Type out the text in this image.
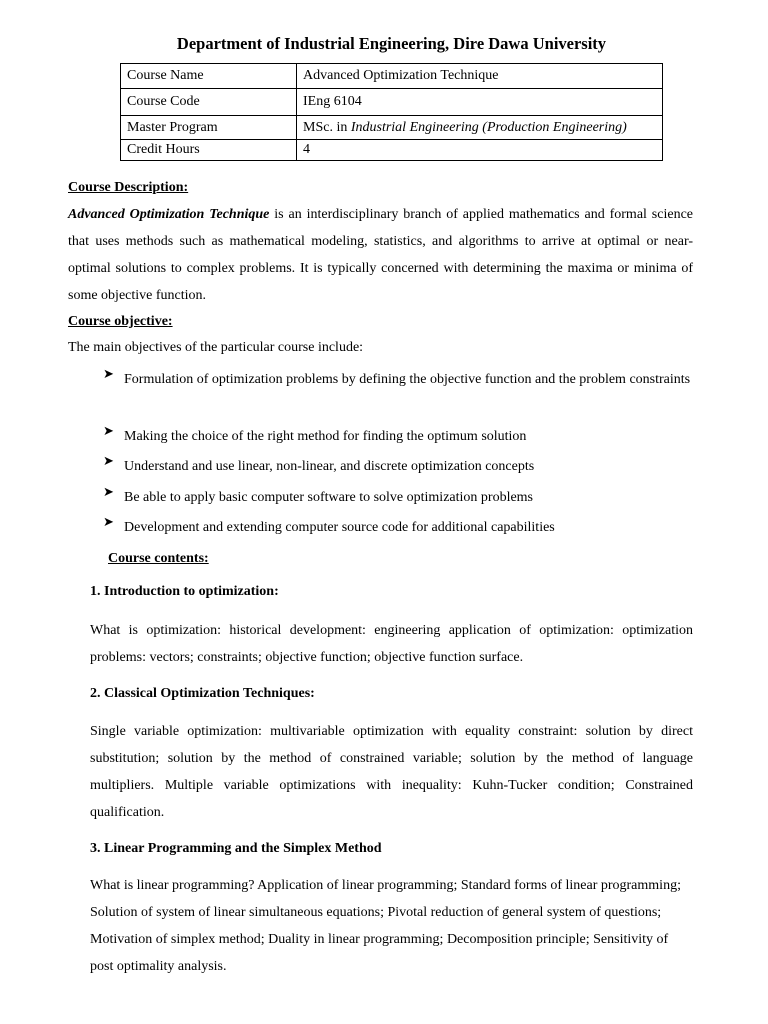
Department of Industrial Engineering, Dire Dawa University
Course Name	Advanced Optimization Technique
Course Code	IEng 6104
Master Program	MSc. in Industrial Engineering (Production Engineering)
Credit Hours	4
Course Description:
Advanced Optimization Technique is an interdisciplinary branch of applied mathematics and formal science that uses methods such as mathematical modeling, statistics, and algorithms to arrive at optimal or near-optimal solutions to complex problems. It is typically concerned with determining the maxima or minima of some objective function.
Course objective:
The main objectives of the particular course include:
➤ Formulation of optimization problems by defining the objective function and the problem constraints
➤ Making the choice of the right method for finding the optimum solution
➤ Understand and use linear, non-linear, and discrete optimization concepts
➤ Be able to apply basic computer software to solve optimization problems
➤ Development and extending computer source code for additional capabilities
Course contents:
1. Introduction to optimization:
What is optimization: historical development: engineering application of optimization: optimization problems: vectors; constraints; objective function; objective function surface.
2. Classical Optimization Techniques:
Single variable optimization: multivariable optimization with equality constraint: solution by direct substitution; solution by the method of constrained variable; solution by the method of language multipliers. Multiple variable optimizations with inequality: Kuhn-Tucker condition; Constrained qualification.
3. Linear Programming and the Simplex Method
What is linear programming? Application of linear programming; Standard forms of linear programming; Solution of system of linear simultaneous equations; Pivotal reduction of general system of questions; Motivation of simplex method; Duality in linear programming; Decomposition principle; Sensitivity of post optimality analysis.
